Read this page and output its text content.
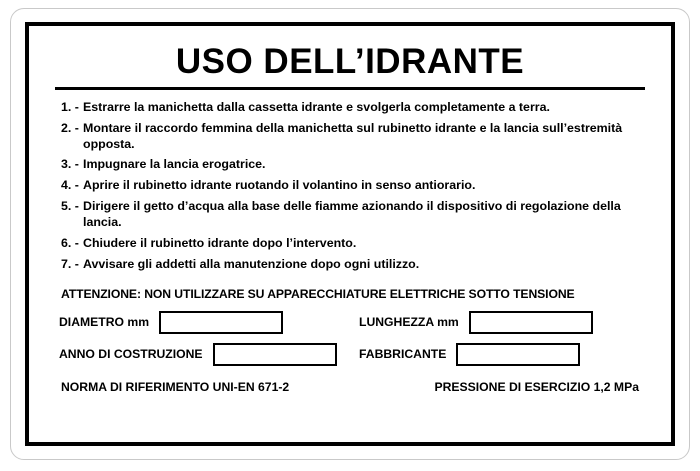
USO DELL’IDRANTE
1. - Estrarre la manichetta dalla cassetta idrante e svolgerla completamente a terra.
2. - Montare il raccordo femmina della manichetta sul rubinetto idrante e la lancia sull’estremità opposta.
3. - Impugnare la lancia erogatrice.
4. - Aprire il rubinetto idrante ruotando il volantino in senso antiorario.
5. - Dirigere il getto d’acqua alla base delle fiamme azionando il dispositivo di regolazione della lancia.
6. - Chiudere il rubinetto idrante dopo l’intervento.
7. - Avvisare gli addetti alla manutenzione dopo ogni utilizzo.
ATTENZIONE: NON UTILIZZARE SU APPARECCHIATURE ELETTRICHE SOTTO TENSIONE
DIAMETRO mm	LUNGHEZZA mm
ANNO DI COSTRUZIONE	FABBRICANTE
NORMA DI RIFERIMENTO UNI-EN 671-2	PRESSIONE DI ESERCIZIO 1,2 MPa
